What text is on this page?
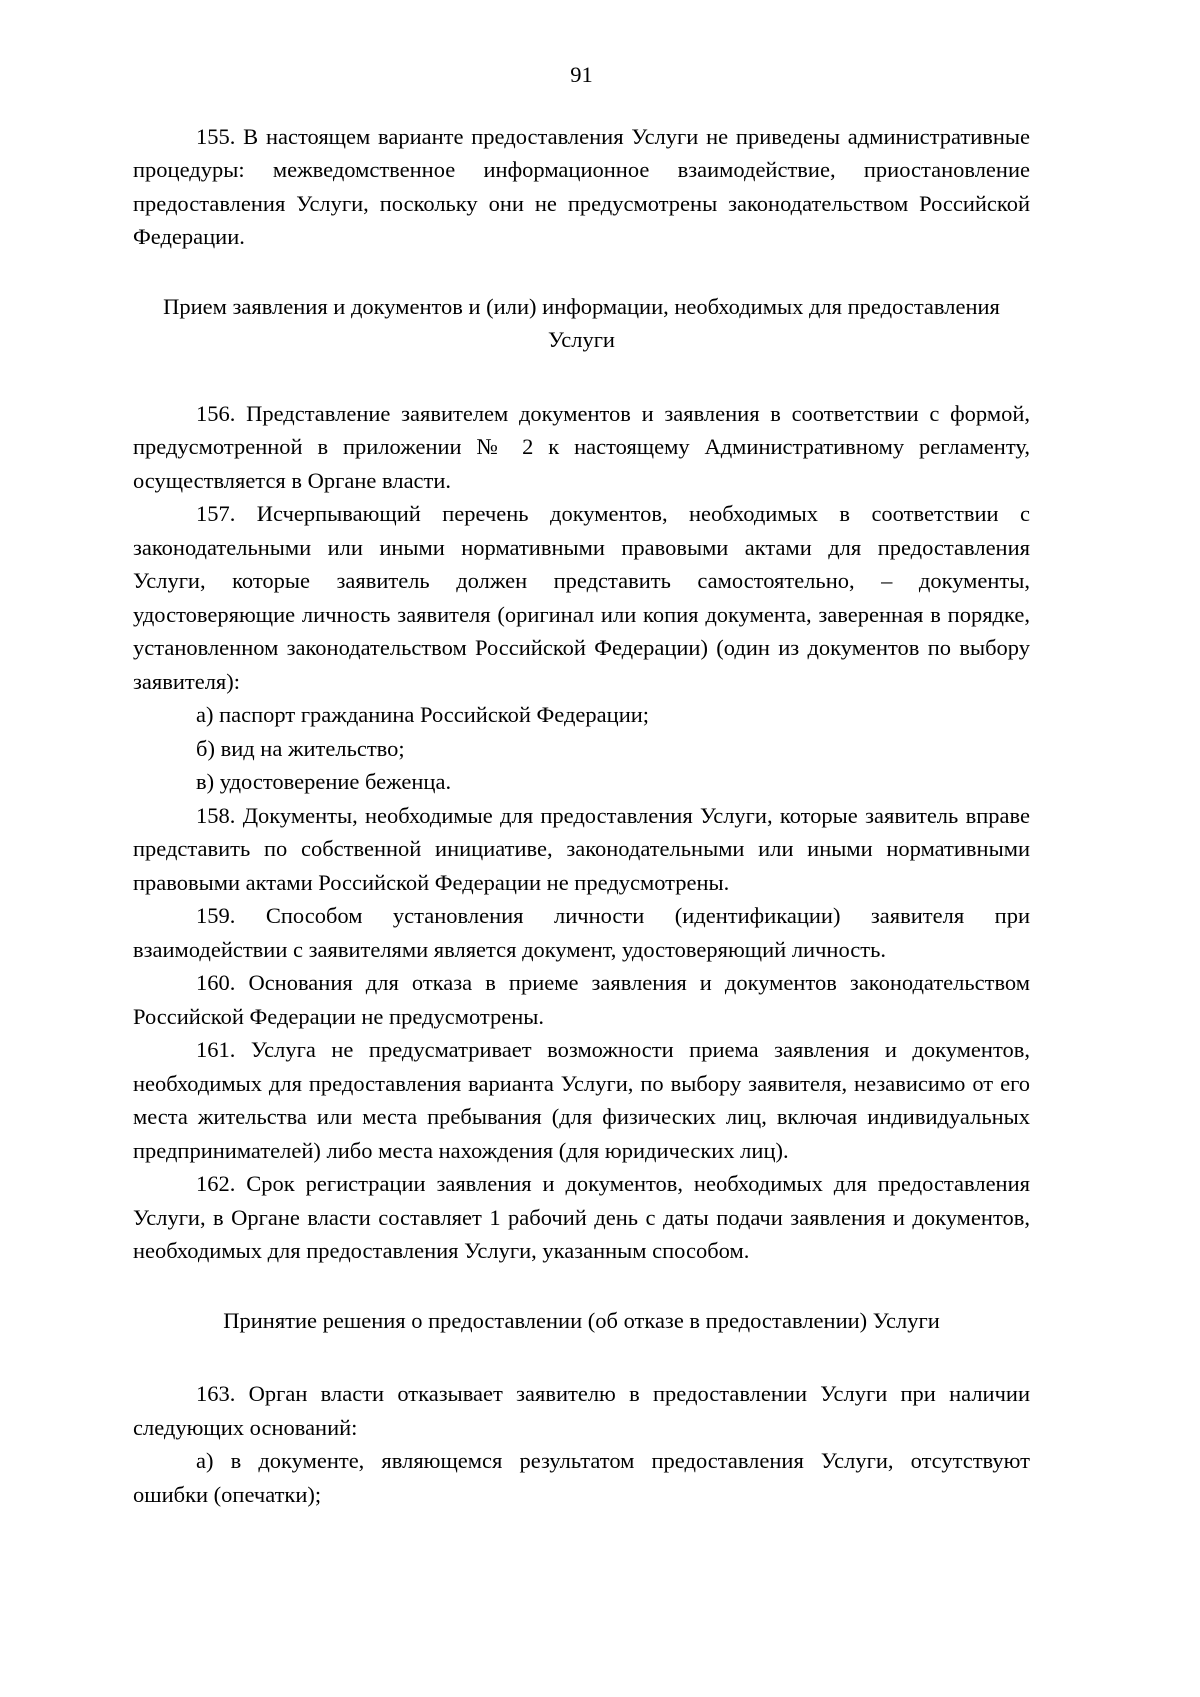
91

155. В настоящем варианте предоставления Услуги не приведены административные процедуры: межведомственное информационное взаимодействие, приостановление предоставления Услуги, поскольку они не предусмотрены законодательством Российской Федерации.

Прием заявления и документов и (или) информации, необходимых для предоставления Услуги

156. Представление заявителем документов и заявления в соответствии с формой, предусмотренной в приложении № 2 к настоящему Административному регламенту, осуществляется в Органе власти.

157. Исчерпывающий перечень документов, необходимых в соответствии с законодательными или иными нормативными правовыми актами для предоставления Услуги, которые заявитель должен представить самостоятельно, – документы, удостоверяющие личность заявителя (оригинал или копия документа, заверенная в порядке, установленном законодательством Российской Федерации) (один из документов по выбору заявителя):

а) паспорт гражданина Российской Федерации;

б) вид на жительство;

в) удостоверение беженца.

158. Документы, необходимые для предоставления Услуги, которые заявитель вправе представить по собственной инициативе, законодательными или иными нормативными правовыми актами Российской Федерации не предусмотрены.

159. Способом установления личности (идентификации) заявителя при взаимодействии с заявителями является документ, удостоверяющий личность.

160. Основания для отказа в приеме заявления и документов законодательством Российской Федерации не предусмотрены.

161. Услуга не предусматривает возможности приема заявления и документов, необходимых для предоставления варианта Услуги, по выбору заявителя, независимо от его места жительства или места пребывания (для физических лиц, включая индивидуальных предпринимателей) либо места нахождения (для юридических лиц).

162. Срок регистрации заявления и документов, необходимых для предоставления Услуги, в Органе власти составляет 1 рабочий день с даты подачи заявления и документов, необходимых для предоставления Услуги, указанным способом.

Принятие решения о предоставлении (об отказе в предоставлении) Услуги

163. Орган власти отказывает заявителю в предоставлении Услуги при наличии следующих оснований:

а) в документе, являющемся результатом предоставления Услуги, отсутствуют ошибки (опечатки);
